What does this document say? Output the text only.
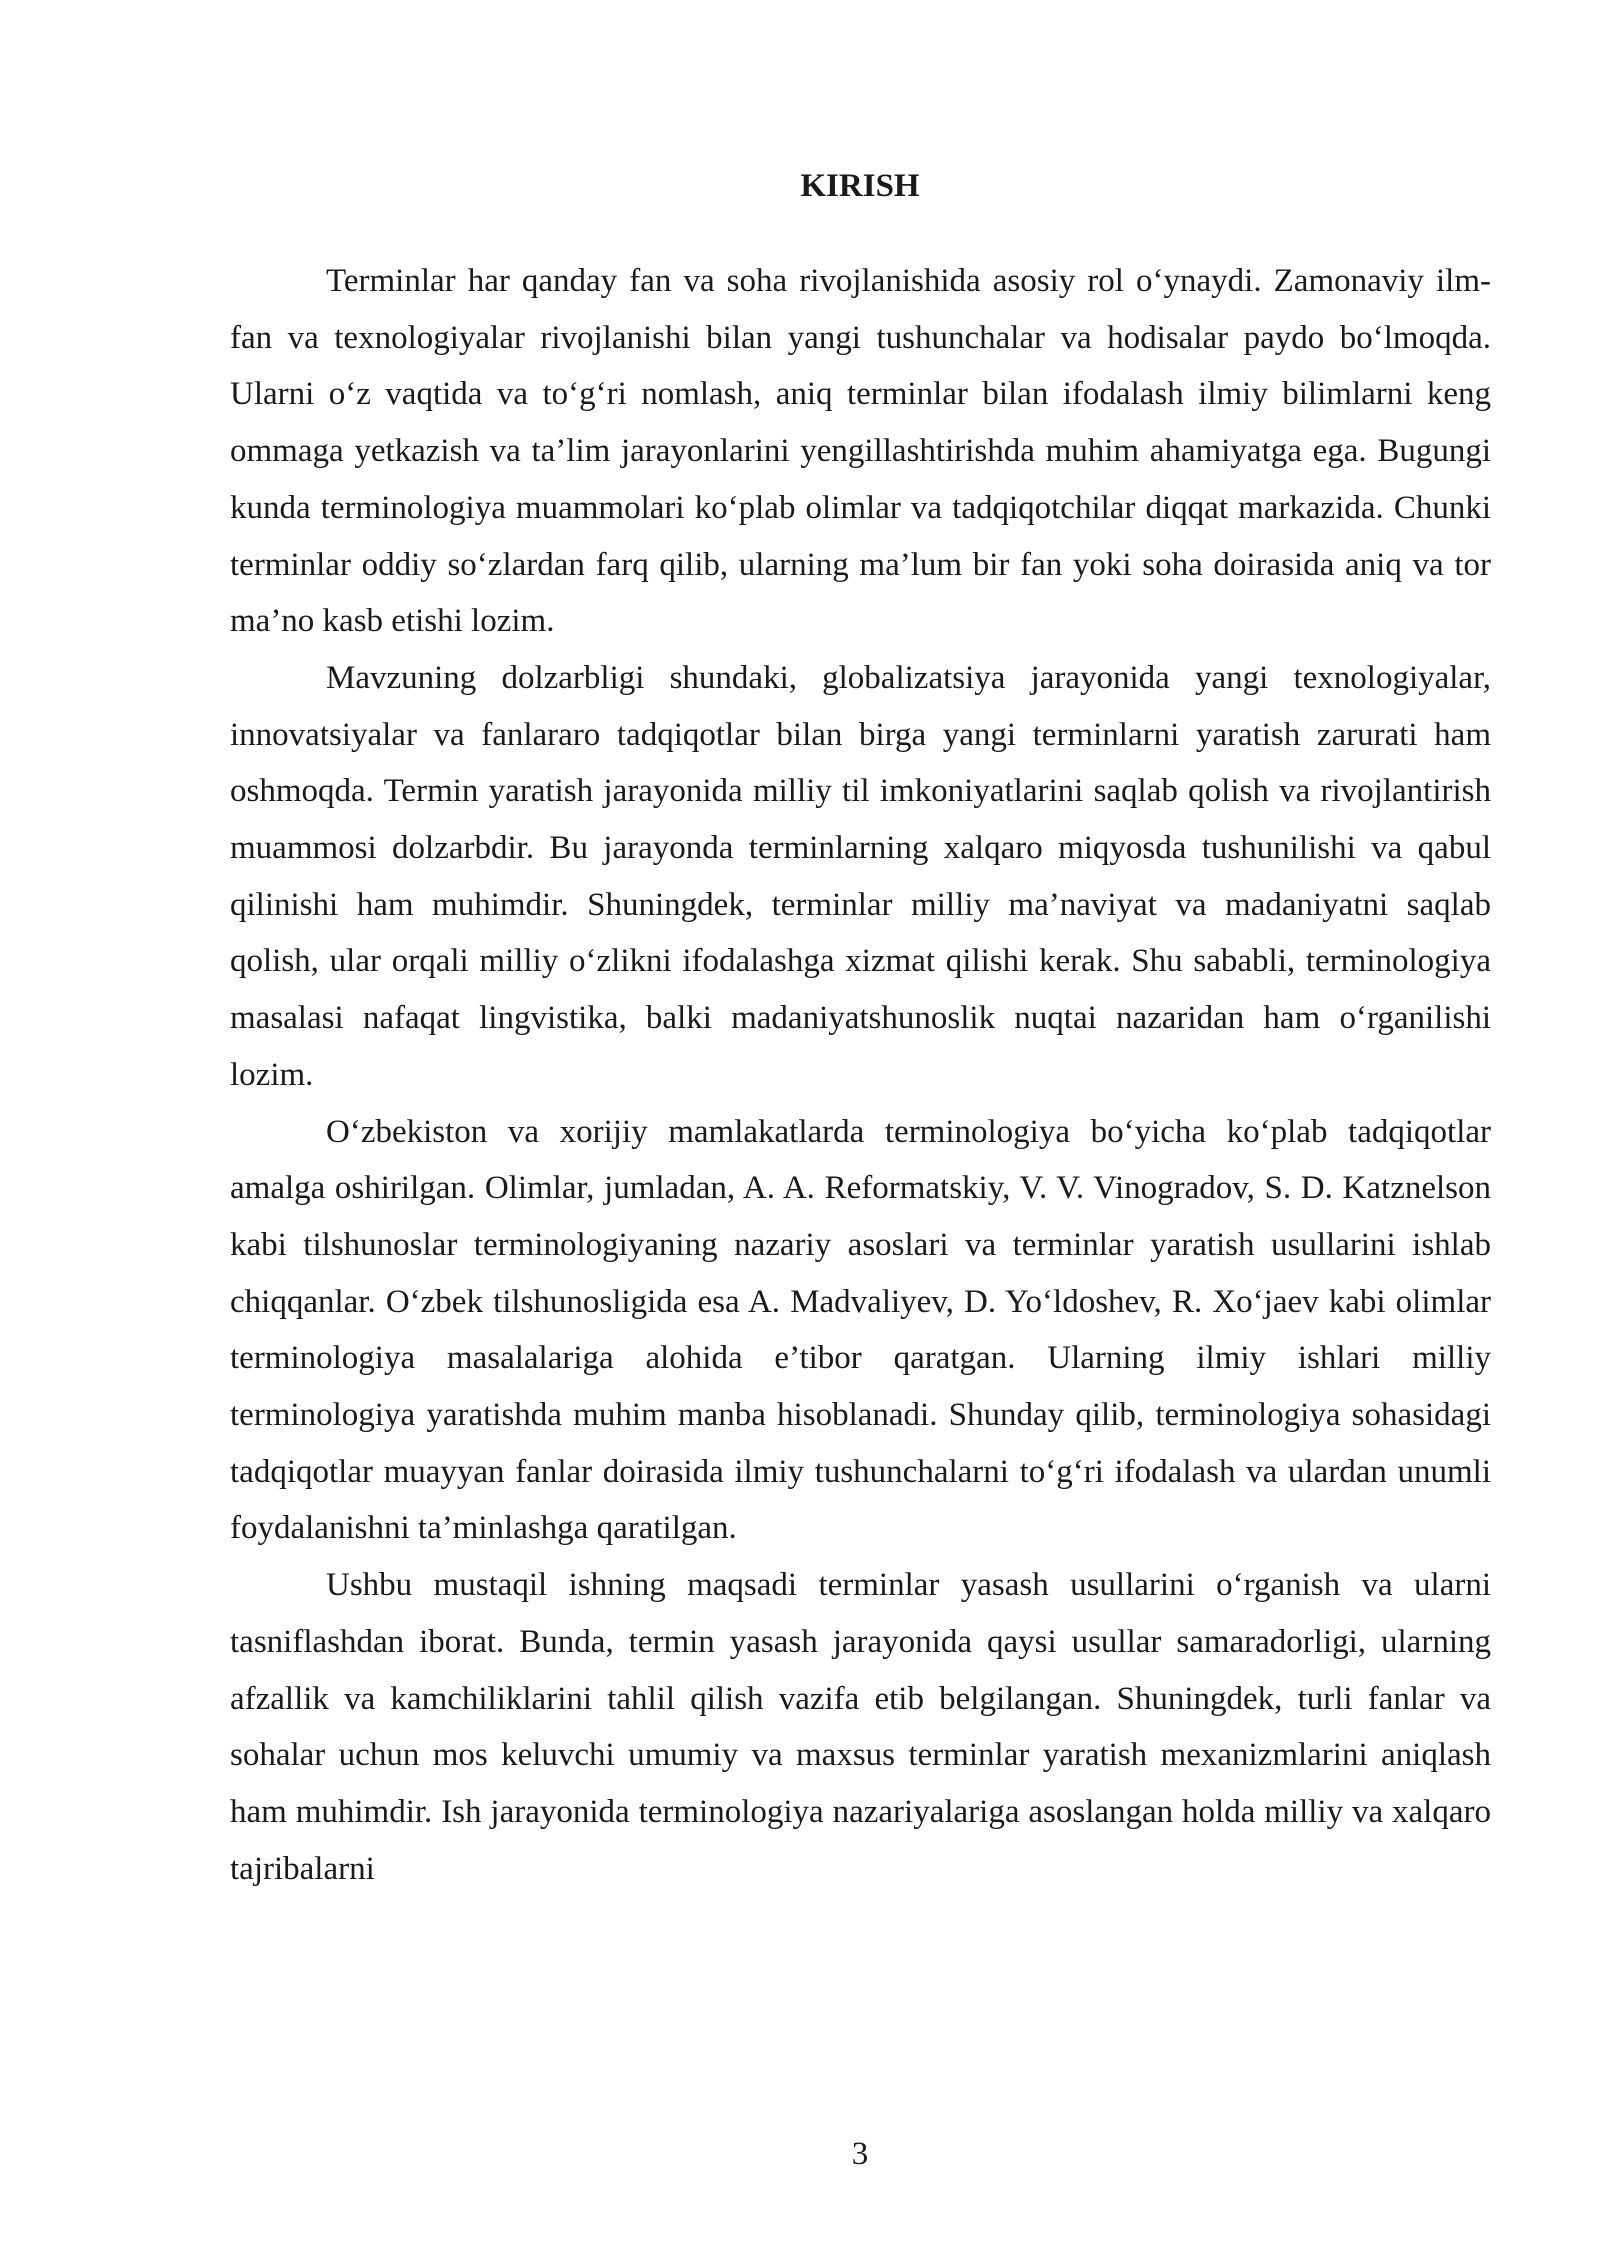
KIRISH

Terminlar har qanday fan va soha rivojlanishida asosiy rol o‘ynaydi. Zamonaviy ilm-fan va texnologiyalar rivojlanishi bilan yangi tushunchalar va hodisalar paydo bo‘lmoqda. Ularni o‘z vaqtida va to‘g‘ri nomlash, aniq terminlar bilan ifodalash ilmiy bilimlarni keng ommaga yetkazish va ta’lim jarayonlarini yengillashtirishda muhim ahamiyatga ega. Bugungi kunda terminologiya muammolari ko‘plab olimlar va tadqiqotchilar diqqat markazida. Chunki terminlar oddiy so‘zlardan farq qilib, ularning ma’lum bir fan yoki soha doirasida aniq va tor ma’no kasb etishi lozim.

Mavzuning dolzarbligi shundaki, globalizatsiya jarayonida yangi texnologiyalar, innovatsiyalar va fanlararo tadqiqotlar bilan birga yangi terminlarni yaratish zarurati ham oshmoqda. Termin yaratish jarayonida milliy til imkoniyatlarini saqlab qolish va rivojlantirish muammosi dolzarbdir. Bu jarayonda terminlarning xalqaro miqyosda tushunilishi va qabul qilinishi ham muhimdir. Shuningdek, terminlar milliy ma’naviyat va madaniyatni saqlab qolish, ular orqali milliy o‘zlikni ifodalashga xizmat qilishi kerak. Shu sababli, terminologiya masalasi nafaqat lingvistika, balki madaniyatshunoslik nuqtai nazaridan ham o‘rganilishi lozim.

O‘zbekiston va xorijiy mamlakatlarda terminologiya bo‘yicha ko‘plab tadqiqotlar amalga oshirilgan. Olimlar, jumladan, A. A. Reformatskiy, V. V. Vinogradov, S. D. Katznelson kabi tilshunoslar terminologiyaning nazariy asoslari va terminlar yaratish usullarini ishlab chiqqanlar. O‘zbek tilshunosligida esa A. Madvaliyev, D. Yo‘ldoshev, R. Xo‘jaev kabi olimlar terminologiya masalalariga alohida e’tibor qaratgan. Ularning ilmiy ishlari milliy terminologiya yaratishda muhim manba hisoblanadi. Shunday qilib, terminologiya sohasidagi tadqiqotlar muayyan fanlar doirasida ilmiy tushunchalarni to‘g‘ri ifodalash va ulardan unumli foydalanishni ta’minlashga qaratilgan.

Ushbu mustaqil ishning maqsadi terminlar yasash usullarini o‘rganish va ularni tasniflashdan iborat. Bunda, termin yasash jarayonida qaysi usullar samaradorligi, ularning afzallik va kamchiliklarini tahlil qilish vazifa etib belgilangan. Shuningdek, turli fanlar va sohalar uchun mos keluvchi umumiy va maxsus terminlar yaratish mexanizmlarini aniqlash ham muhimdir. Ish jarayonida terminologiya nazariyalariga asoslangan holda milliy va xalqaro tajribalarni

3
